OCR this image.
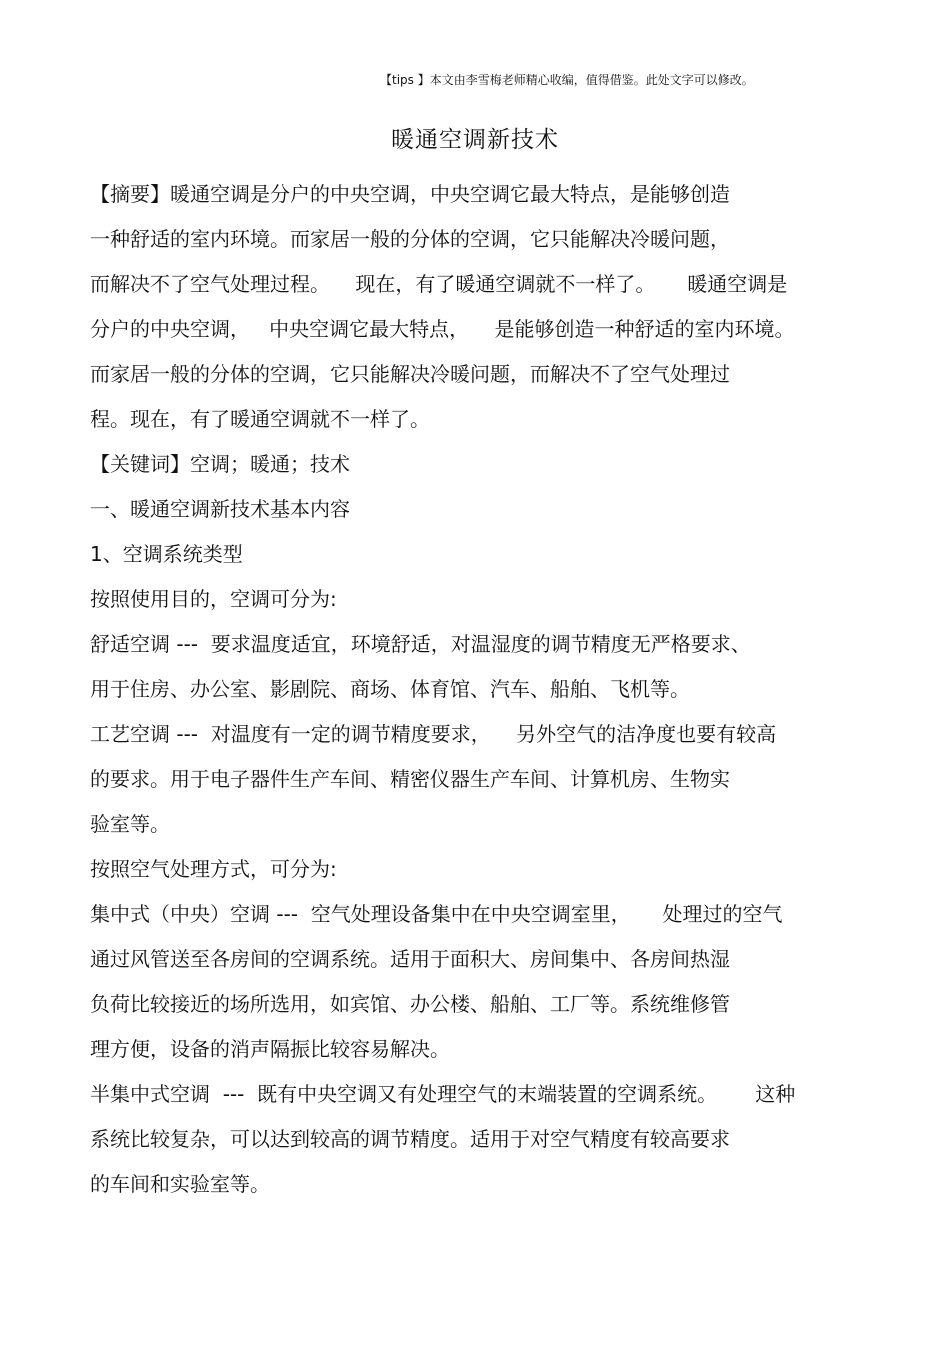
【tips 】本文由李雪梅老师精心收编，值得借鉴。此处文字可以修改。
暖通空调新技术
【摘要】暖通空调是分户的中央空调，中央空调它最大特点，是能够创造
一种舒适的室内环境。而家居一般的分体的空调，它只能解决冷暖问题，
而解决不了空气处理过程。    现在，有了暖通空调就不一样了。     暖通空调是
分户的中央空调，   中央空调它最大特点，    是能够创造一种舒适的室内环境。
而家居一般的分体的空调，它只能解决冷暖问题，而解决不了空气处理过
程。现在，有了暖通空调就不一样了。
【关键词】空调；暖通；技术
一、暖通空调新技术基本内容
1、空调系统类型
按照使用目的，空调可分为:
舒适空调 ---  要求温度适宜，环境舒适，对温湿度的调节精度无严格要求、
用于住房、办公室、影剧院、商场、体育馆、汽车、船舶、飞机等。
工艺空调 ---  对温度有一定的调节精度要求，    另外空气的洁净度也要有较高
的要求。用于电子器件生产车间、精密仪器生产车间、计算机房、生物实
验室等。
按照空气处理方式，可分为:
集中式（中央）空调 ---  空气处理设备集中在中央空调室里，     处理过的空气
通过风管送至各房间的空调系统。适用于面积大、房间集中、各房间热湿
负荷比较接近的场所选用，如宾馆、办公楼、船舶、工厂等。系统维修管
理方便，设备的消声隔振比较容易解决。
半集中式空调  ---  既有中央空调又有处理空气的末端装置的空调系统。      这种
系统比较复杂，可以达到较高的调节精度。适用于对空气精度有较高要求
的车间和实验室等。
